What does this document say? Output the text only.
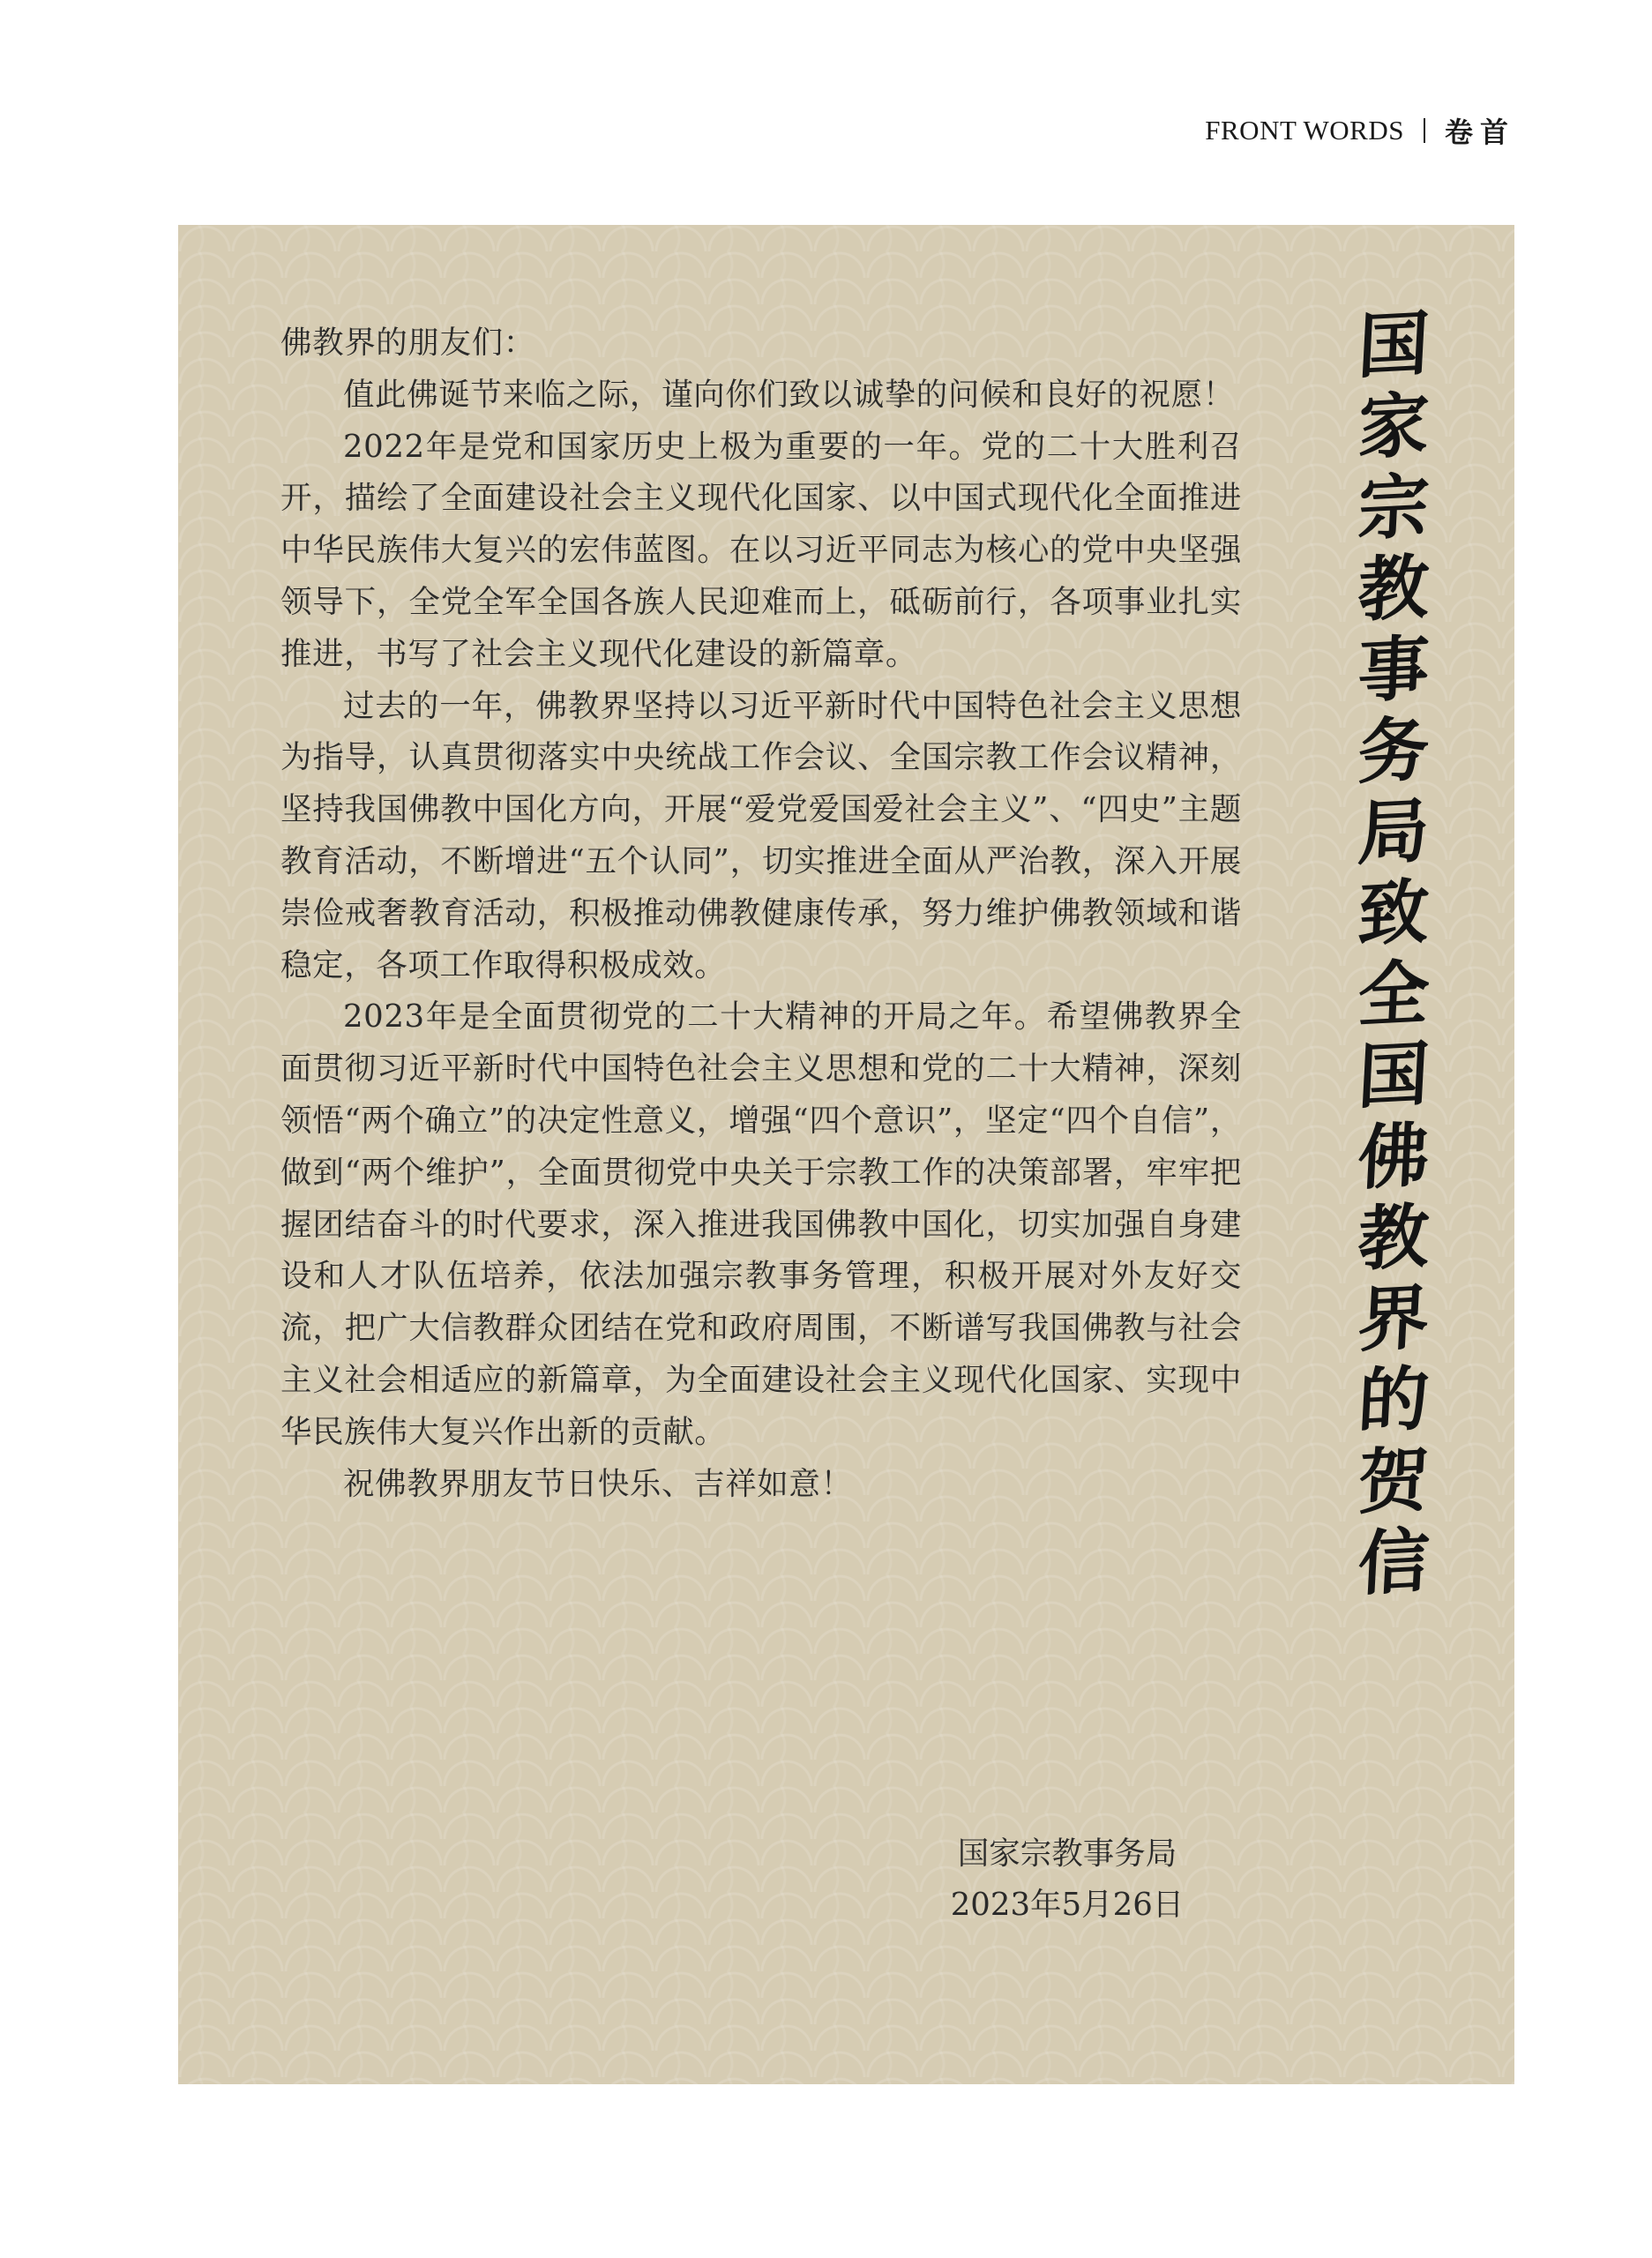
FRONT WORDS 卷首
国
家
宗
教
事
务
局
致
全
国
佛
教
界
的
贺
信

佛教界的朋友们：

值此佛诞节来临之际，谨向你们致以诚挚的问候和良好的祝愿！

2022年是党和国家历史上极为重要的一年。党的二十大胜利召开，描绘了全面建设社会主义现代化国家、以中国式现代化全面推进中华民族伟大复兴的宏伟蓝图。在以习近平同志为核心的党中央坚强领导下，全党全军全国各族人民迎难而上，砥砺前行，各项事业扎实推进，书写了社会主义现代化建设的新篇章。

过去的一年，佛教界坚持以习近平新时代中国特色社会主义思想为指导，认真贯彻落实中央统战工作会议、全国宗教工作会议精神，坚持我国佛教中国化方向，开展“爱党爱国爱社会主义”、“四史”主题教育活动，不断增进“五个认同”，切实推进全面从严治教，深入开展崇俭戒奢教育活动，积极推动佛教健康传承，努力维护佛教领域和谐稳定，各项工作取得积极成效。

2023年是全面贯彻党的二十大精神的开局之年。希望佛教界全面贯彻习近平新时代中国特色社会主义思想和党的二十大精神，深刻领悟“两个确立”的决定性意义，增强“四个意识”，坚定“四个自信”，做到“两个维护”，全面贯彻党中央关于宗教工作的决策部署，牢牢把握团结奋斗的时代要求，深入推进我国佛教中国化，切实加强自身建设和人才队伍培养，依法加强宗教事务管理，积极开展对外友好交流，把广大信教群众团结在党和政府周围，不断谱写我国佛教与社会主义社会相适应的新篇章，为全面建设社会主义现代化国家、实现中华民族伟大复兴作出新的贡献。

祝佛教界朋友节日快乐、吉祥如意！

国家宗教事务局
2023年5月26日
